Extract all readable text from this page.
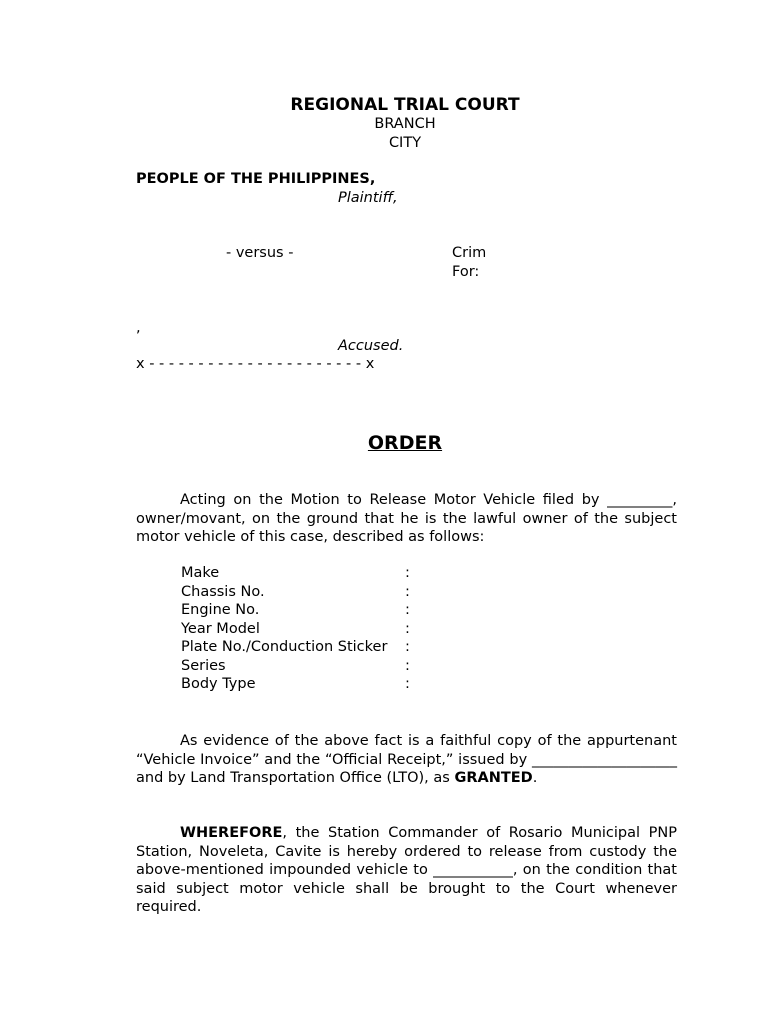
REGIONAL TRIAL COURT
BRANCH
CITY
PEOPLE OF THE PHILIPPINES,
Plaintiff,
- versus -	Crim
For:
,
Accused.
x - - - - - - - - - - - - - - - - - - - - - - x
ORDER
Acting on the Motion to Release Motor Vehicle filed by _________, owner/movant, on the ground that he is the lawful owner of the subject motor vehicle of this case, described as follows:
Make	:
Chassis No.	:
Engine No.	:
Year Model	:
Plate No./Conduction Sticker :
Series	:
Body Type	:
As evidence of the above fact is a faithful copy of the appurtenant “Vehicle Invoice” and the “Official Receipt,” issued by ____________________ and by Land Transportation Office (LTO), as GRANTED.
WHEREFORE, the Station Commander of Rosario Municipal PNP Station, Noveleta, Cavite is hereby ordered to release from custody the above-mentioned impounded vehicle to ___________, on the condition that said subject motor vehicle shall be brought to the Court whenever required.
